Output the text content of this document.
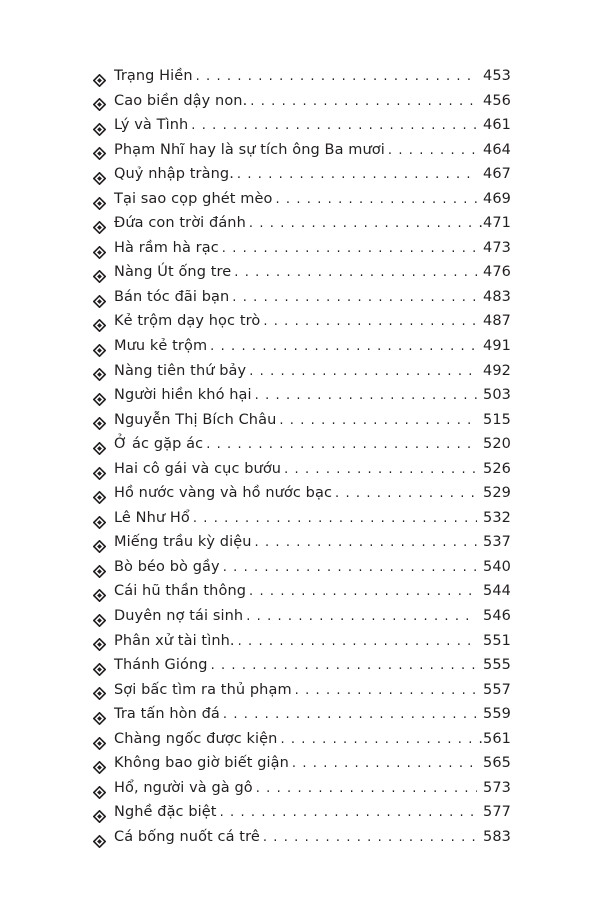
Trạng Hiền .....	453
Cao biền dậy non. .....	456
Lý và Tình .....	461
Phạm Nhĩ hay là sự tích ông Ba mươi .....	464
Quỷ nhập tràng. .....	467
Tại sao cọp ghét mèo .....	469
Đứa con trời đánh .....	.471
Hà rầm hà rạc .....	473
Nàng Út ống tre .....	476
Bán tóc đãi bạn .....	483
Kẻ trộm dạy học trò .....	487
Mưu kẻ trộm .....	491
Nàng tiên thứ bảy .....	492
Người hiền khó hại .....	503
Nguyễn Thị Bích Châu .....	515
Ở ác gặp ác .....	520
Hai cô gái và cục bướu .....	526
Hồ nước vàng và hồ nước bạc .....	529
Lê Như Hổ .....	532
Miếng trầu kỳ diệu .....	537
Bò béo bò gầy .....	540
Cái hũ thần thông .....	544
Duyên nợ tái sinh .....	546
Phân xử tài tình. .....	551
Thánh Gióng .....	555
Sợi bấc tìm ra thủ phạm .....	557
Tra tấn hòn đá .....	559
Chàng ngốc được kiện .....	.561
Không bao giờ biết giận .....	565
Hổ, người và gà gô .....	573
Nghề đặc biệt .....	577
Cá bống nuốt cá trê .....	583
